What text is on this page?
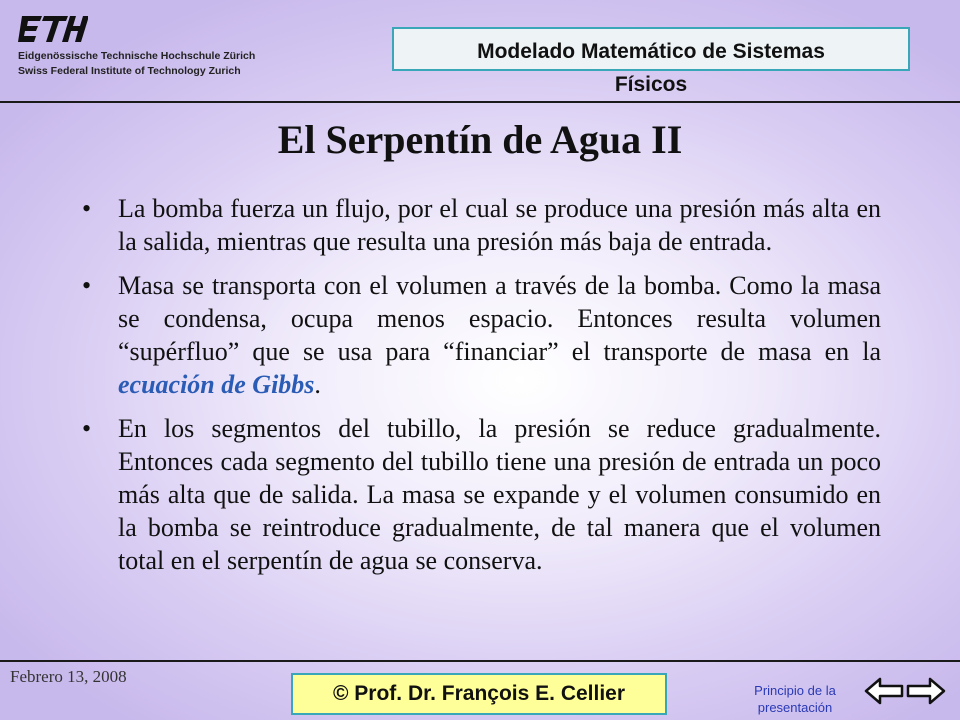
Eidgenössische Technische Hochschule Zürich
Swiss Federal Institute of Technology Zurich
Modelado Matemático de Sistemas
Físicos
El Serpentín de Agua II
• La bomba fuerza un flujo, por el cual se produce una presión más alta en la salida, mientras que resulta una presión más baja de entrada.
• Masa se transporta con el volumen a través de la bomba. Como la masa se condensa, ocupa menos espacio. Entonces resulta volumen “supérfluo” que se usa para “financiar” el transporte de masa en la ecuación de Gibbs.
• En los segmentos del tubillo, la presión se reduce gradualmente. Entonces cada segmento del tubillo tiene una presión de entrada un poco más alta que de salida. La masa se expande y el volumen consumido en la bomba se reintroduce gradualmente, de tal manera que el volumen total en el serpentín de agua se conserva.
Febrero 13, 2008
© Prof. Dr. François E. Cellier	Principio de la
presentación
